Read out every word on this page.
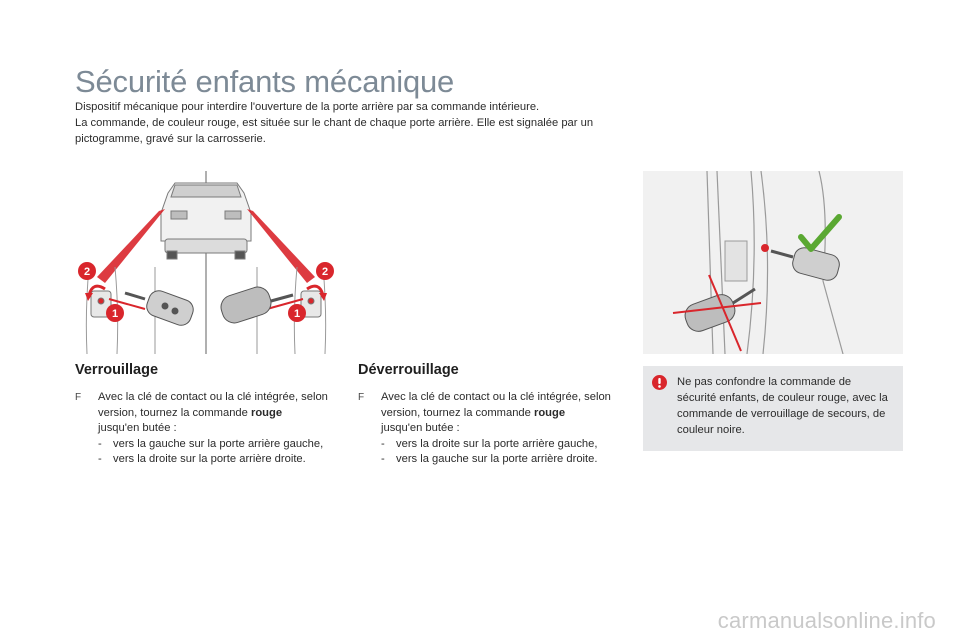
Sécurité enfants mécanique

Dispositif mécanique pour interdire l'ouverture de la porte arrière par sa commande intérieure.

La commande, de couleur rouge, est située sur le chant de chaque porte arrière. Elle est signalée par un pictogramme, gravé sur la carrosserie.

2
1
2
1
Verrouillage
F Avec la clé de contact ou la clé intégrée, selon version, tournez la commande rouge
jusqu'en butée :
- vers la gauche sur la porte arrière gauche,
- vers la droite sur la porte arrière droite.
Déverrouillage
F Avec la clé de contact ou la clé intégrée, selon version, tournez la commande rouge
jusqu'en butée :
- vers la droite sur la porte arrière gauche,
- vers la gauche sur la porte arrière droite.
Ne pas confondre la commande de sécurité enfants, de couleur rouge, avec la commande de verrouillage de secours, de couleur noire.
carmanualsonline.info
